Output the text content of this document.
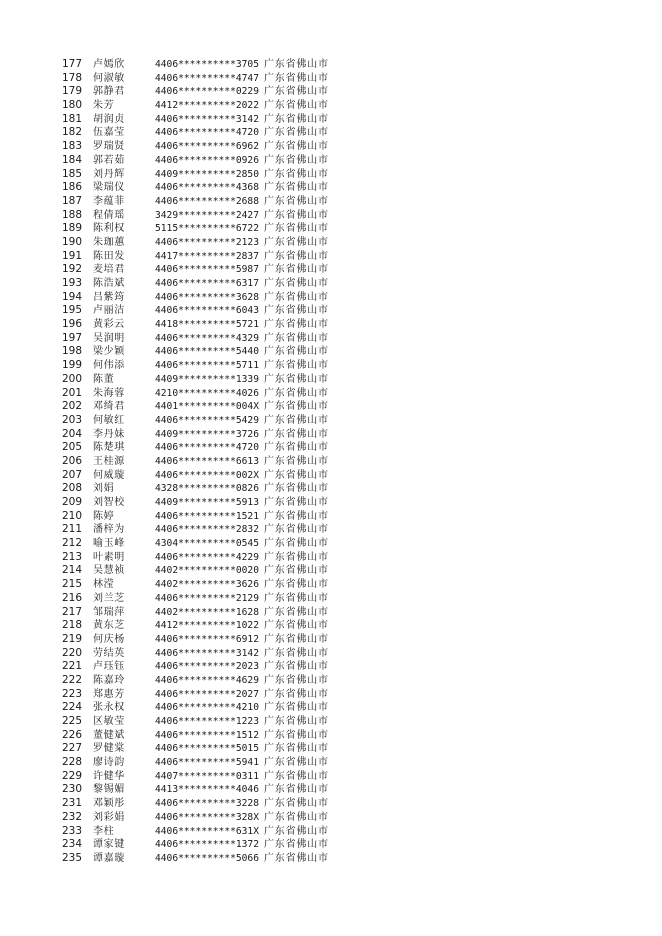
177 卢嫣欣	4406**********3705 广东省佛山市
178 何淑敏	4406**********4747 广东省佛山市
179 郭静君	4406**********0229 广东省佛山市
180 朱芳	4412**********2022 广东省佛山市
181 胡润贞	4406**********3142 广东省佛山市
182 伍嘉莹	4406**********4720 广东省佛山市
183 罗瑞贤	4406**********6962 广东省佛山市
184 郭若茹	4406**********0926 广东省佛山市
185 刘丹辉	4409**********2850 广东省佛山市
186 梁瑞仪	4406**********4368 广东省佛山市
187 李蕴菲	4406**********2688 广东省佛山市
188 程倩瑶	3429**********2427 广东省佛山市
189 陈利权	5115**********6722 广东省佛山市
190 朱珈蕙	4406**********2123 广东省佛山市
191 陈田发	4417**********2837 广东省佛山市
192 麦培君	4406**********5987 广东省佛山市
193 陈浩斌	4406**********6317 广东省佛山市
194 吕紫筠	4406**********3628 广东省佛山市
195 卢丽洁	4406**********6043 广东省佛山市
196 黄彩云	4418**********5721 广东省佛山市
197 吴润明	4406**********4329 广东省佛山市
198 梁少颖	4406**********5440 广东省佛山市
199 何伟添	4406**********5711 广东省佛山市
200 陈董	4409**********1339 广东省佛山市
201 朱海蓉	4210**********4026 广东省佛山市
202 邓绮君	4401**********004X 广东省佛山市
203 何敏红	4406**********5429 广东省佛山市
204 李丹妹	4409**********3726 广东省佛山市
205 陈楚琪	4406**********4720 广东省佛山市
206 王桂源	4406**********6613 广东省佛山市
207 何威璇	4406**********002X 广东省佛山市
208 刘娟	4328**********0826 广东省佛山市
209 刘智校	4409**********5913 广东省佛山市
210 陈婷	4406**********1521 广东省佛山市
211 潘梓为	4406**********2832 广东省佛山市
212 喻玉峰	4304**********0545 广东省佛山市
213 叶素明	4406**********4229 广东省佛山市
214 吴慧祯	4402**********0020 广东省佛山市
215 林滢	4402**********3626 广东省佛山市
216 刘兰芝	4406**********2129 广东省佛山市
217 邹瑞萍	4402**********1628 广东省佛山市
218 黄东芝	4412**********1022 广东省佛山市
219 何庆杨	4406**********6912 广东省佛山市
220 劳结英	4406**********3142 广东省佛山市
221 卢珏钰	4406**********2023 广东省佛山市
222 陈嘉玲	4406**********4629 广东省佛山市
223 郑惠芳	4406**********2027 广东省佛山市
224 张永权	4406**********4210 广东省佛山市
225 区敏莹	4406**********1223 广东省佛山市
226 董健斌	4406**********1512 广东省佛山市
227 罗健棠	4406**********5015 广东省佛山市
228 廖诗韵	4406**********5941 广东省佛山市
229 许健华	4407**********0311 广东省佛山市
230 黎锡媚	4413**********4046 广东省佛山市
231 邓颖彤	4406**********3228 广东省佛山市
232 刘彩娟	4406**********328X 广东省佛山市
233 李柱	4406**********631X 广东省佛山市
234 谭家键	4406**********1372 广东省佛山市
235 谭嘉璇	4406**********5066 广东省佛山市
